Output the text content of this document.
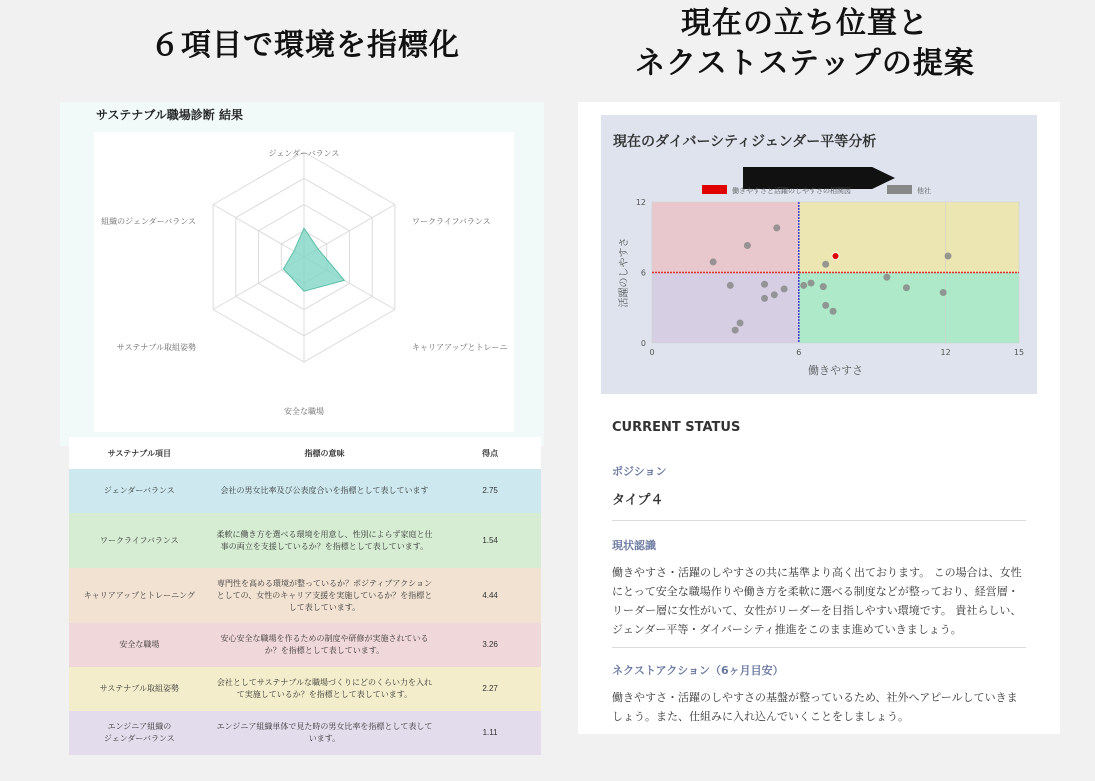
６項目で環境を指標化
現在の立ち位置と
ネクストステップの提案
サステナブル職場診断 結果
ジェンダーバランス
ワークライフバランス
キャリアアップとトレーニ
安全な職場
サステナブル取組姿勢
組織のジェンダーバランス
サステナブル項目	指標の意味	得点
ジェンダーバランス	会社の男女比率及び公表度合いを指標として表しています	2.75
ワークライフバランス	柔軟に働き方を選べる環境を用意し、性別によらず家庭と仕事の両立を支援しているか？を指標として表しています。	1.54
キャリアアップとトレーニング	専門性を高める環境が整っているか？ポジティブアクションとしての、女性のキャリア支援を実施しているか？を指標として表しています。	4.44
安全な職場	安心安全な職場を作るための制度や研修が実施されているか？を指標として表しています。	3.26
サステナブル取組姿勢	会社としてサステナブルな職場づくりにどのくらい力を入れて実施しているか？を指標として表しています。	2.27
エンジニア組織の
ジェンダーバランス	エンジニア組織単体で見た時の男女比率を指標として表しています。	1.11
現在のダイバーシティジェンダー平等分析
0	6	12	15
0
6
12
働きやすさ
活躍のしやすさ
働きやすさと活躍のしやすさの相関図	他社
CURRENT STATUS
ポジション
タイプ４
現状認識
働きやすさ・活躍のしやすさの共に基準より高く出ております。 この場合は、女性にとって安全な職場作りや働き方を柔軟に選べる制度などが整っており、経営層・リーダー層に女性がいて、女性がリーダーを目指しやすい環境です。 貴社らしい、ジェンダー平等・ダイバーシティ推進をこのまま進めていきましょう。
ネクストアクション（6ヶ月目安）
働きやすさ・活躍のしやすさの基盤が整っているため、社外へアピールしていきましょう。また、仕組みに入れ込んでいくことをしましょう。
